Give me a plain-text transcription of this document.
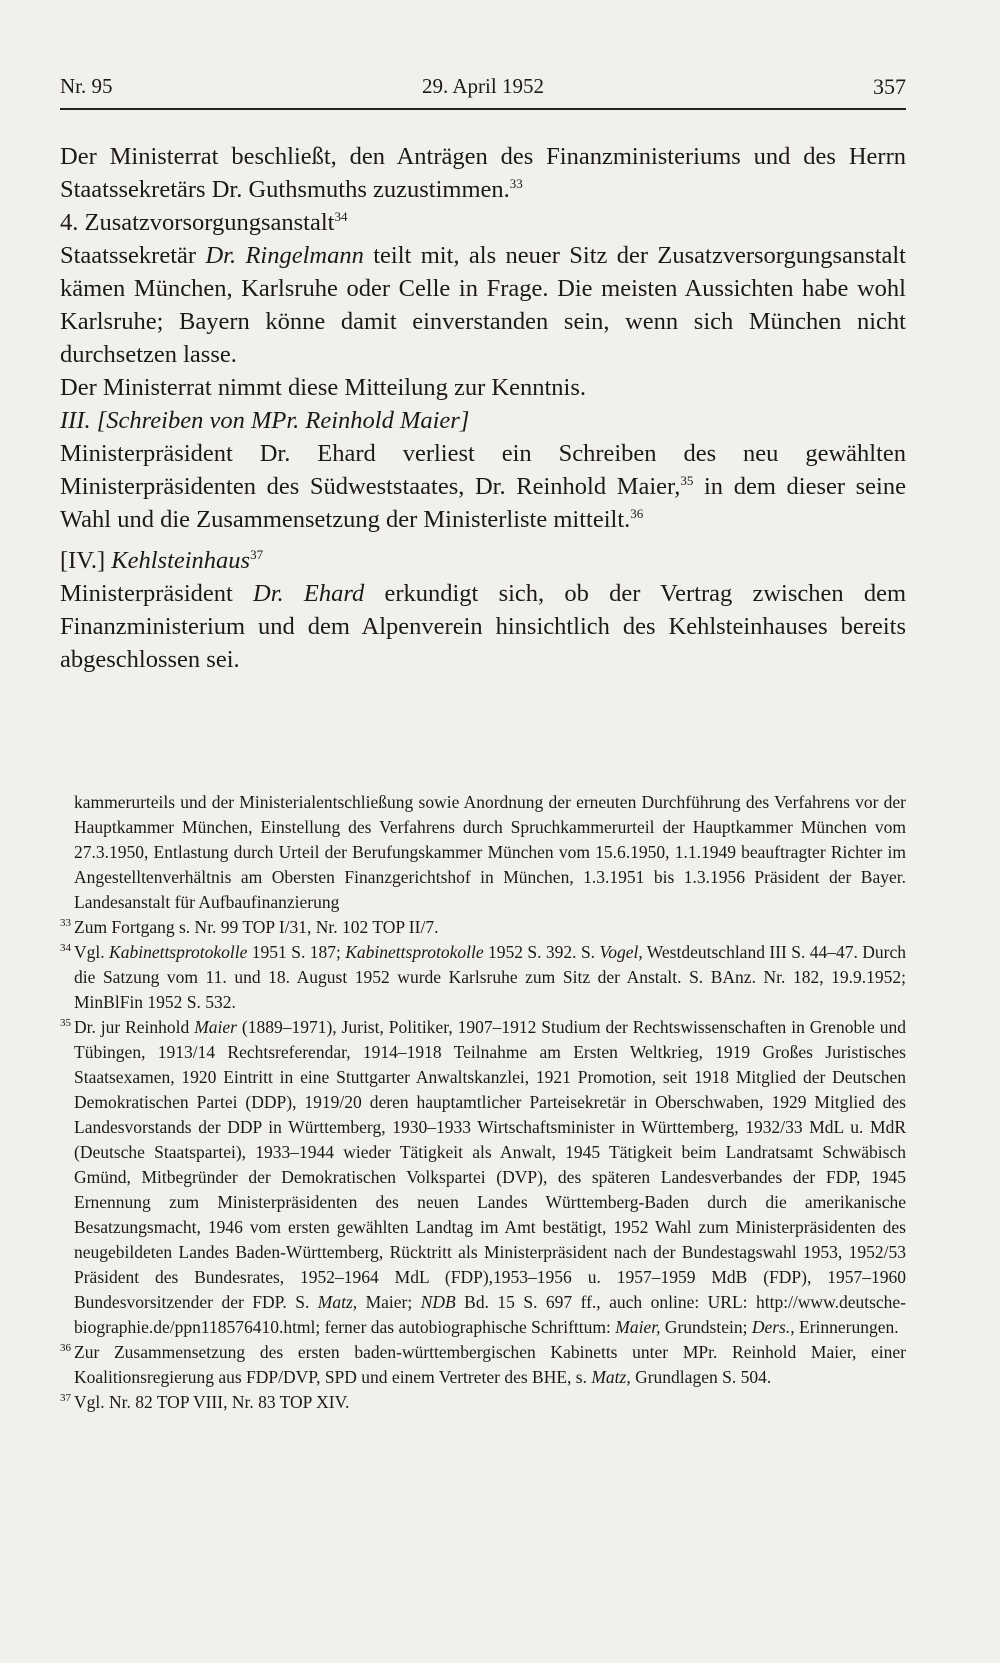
Nr. 95	29. April 1952	357

Der Ministerrat beschließt, den Anträgen des Finanzministeriums und des Herrn Staatssekretärs Dr. Guthsmuths zuzustimmen.$^{33}$

4. Zusatzvorsorgungsanstalt$^{34}$

Staatssekretär Dr. Ringelmann teilt mit, als neuer Sitz der Zusatzversorgungsanstalt kämen München, Karlsruhe oder Celle in Frage. Die meisten Aussichten habe wohl Karlsruhe; Bayern könne damit einverstanden sein, wenn sich München nicht durchsetzen lasse.

Der Ministerrat nimmt diese Mitteilung zur Kenntnis.

III. [Schreiben von MPr. Reinhold Maier]

Ministerpräsident Dr. Ehard verliest ein Schreiben des neu gewählten Ministerpräsidenten des Südweststaates, Dr. Reinhold Maier,$^{35}$ in dem dieser seine Wahl und die Zusammensetzung der Ministerliste mitteilt.$^{36}$

[IV.] Kehlsteinhaus$^{37}$

Ministerpräsident Dr. Ehard erkundigt sich, ob der Vertrag zwischen dem Finanzministerium und dem Alpenverein hinsichtlich des Kehlsteinhauses bereits abgeschlossen sei.

kammerurteils und der Ministerialentschließung sowie Anordnung der erneuten Durchführung des Verfahrens vor der Hauptkammer München, Einstellung des Verfahrens durch Spruchkammerurteil der Hauptkammer München vom 27.3.1950, Entlastung durch Urteil der Berufungskammer München vom 15.6.1950, 1.1.1949 beauftragter Richter im Angestelltenverhältnis am Obersten Finanzgerichtshof in München, 1.3.1951 bis 1.3.1956 Präsident der Bayer. Landesanstalt für Aufbaufinanzierung

33 Zum Fortgang s. Nr. 99 TOP I/31, Nr. 102 TOP II/7.

34 Vgl. Kabinettsprotokolle 1951 S. 187; Kabinettsprotokolle 1952 S. 392. S. Vogel, Westdeutschland III S. 44–47. Durch die Satzung vom 11. und 18. August 1952 wurde Karlsruhe zum Sitz der Anstalt. S. BAnz. Nr. 182, 19.9.1952; MinBlFin 1952 S. 532.

35 Dr. jur Reinhold Maier (1889–1971), Jurist, Politiker, 1907–1912 Studium der Rechtswissenschaften in Grenoble und Tübingen, 1913/14 Rechtsreferendar, 1914–1918 Teilnahme am Ersten Weltkrieg, 1919 Großes Juristisches Staatsexamen, 1920 Eintritt in eine Stuttgarter Anwaltskanzlei, 1921 Promotion, seit 1918 Mitglied der Deutschen Demokratischen Partei (DDP), 1919/20 deren hauptamtlicher Parteisekretär in Oberschwaben, 1929 Mitglied des Landesvorstands der DDP in Württemberg, 1930–1933 Wirtschaftsminister in Württemberg, 1932/33 MdL u. MdR (Deutsche Staatspartei), 1933–1944 wieder Tätigkeit als Anwalt, 1945 Tätigkeit beim Landratsamt Schwäbisch Gmünd, Mitbegründer der Demokratischen Volkspartei (DVP), des späteren Landesverbandes der FDP, 1945 Ernennung zum Ministerpräsidenten des neuen Landes Württemberg-Baden durch die amerikanische Besatzungsmacht, 1946 vom ersten gewählten Landtag im Amt bestätigt, 1952 Wahl zum Ministerpräsidenten des neugebildeten Landes Baden-Württemberg, Rücktritt als Ministerpräsident nach der Bundestagswahl 1953, 1952/53 Präsident des Bundesrates, 1952–1964 MdL (FDP),1953–1956 u. 1957–1959 MdB (FDP), 1957–1960 Bundesvorsitzender der FDP. S. Matz, Maier; NDB Bd. 15 S. 697 ff., auch online: URL: http://www.deutsche-biographie.de/ppn118576410.html; ferner das autobiographische Schrifttum: Maier, Grundstein; Ders., Erinnerungen.

36 Zur Zusammensetzung des ersten baden-württembergischen Kabinetts unter MPr. Reinhold Maier, einer Koalitionsregierung aus FDP/DVP, SPD und einem Vertreter des BHE, s. Matz, Grundlagen S. 504.

37 Vgl. Nr. 82 TOP VIII, Nr. 83 TOP XIV.
